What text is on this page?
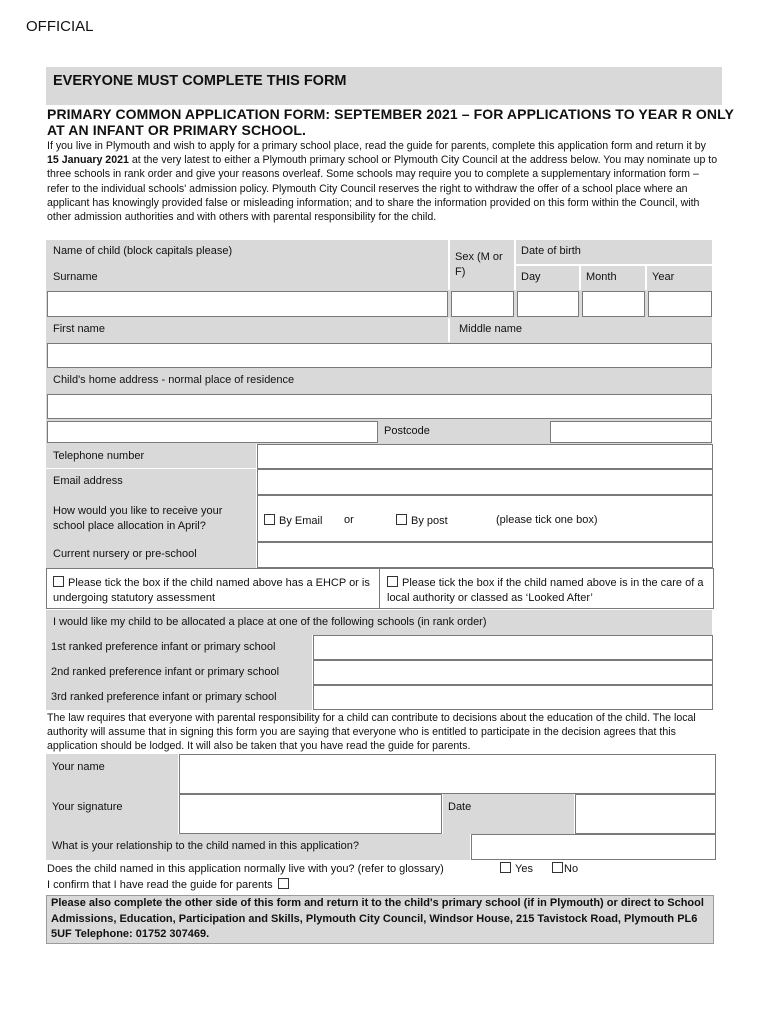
OFFICIAL
EVERYONE MUST COMPLETE THIS FORM
PRIMARY COMMON APPLICATION FORM: SEPTEMBER 2021 – FOR APPLICATIONS TO YEAR R ONLY AT AN INFANT OR PRIMARY SCHOOL.
If you live in Plymouth and wish to apply for a primary school place, read the guide for parents, complete this application form and return it by 15 January 2021 at the very latest to either a Plymouth primary school or Plymouth City Council at the address below. You may nominate up to three schools in rank order and give your reasons overleaf. Some schools may require you to complete a supplementary information form – refer to the individual schools' admission policy. Plymouth City Council reserves the right to withdraw the offer of a school place where an applicant has knowingly provided false or misleading information; and to share the information provided on this form within the Council, with other admission authorities and with others with parental responsibility for the child.
Name of child (block capitals please)	Sex (M or F)
Date of birth
Surname	Day	Month	Year
First name	Middle name
Child's home address - normal place of residence
Postcode
Telephone number
Email address
How would you like to receive your school place allocation in April?	By Email or	By post	(please tick one box)
Current nursery or pre-school
Please tick the box if the child named above has a EHCP or is undergoing statutory assessment
Please tick the box if the child named above is in the care of a local authority or classed as ‘Looked After’
I would like my child to be allocated a place at one of the following schools (in rank order)
1st ranked preference infant or primary school
2nd ranked preference infant or primary school
3rd ranked preference infant or primary school
The law requires that everyone with parental responsibility for a child can contribute to decisions about the education of the child. The local authority will assume that in signing this form you are saying that everyone who is entitled to participate in the decision agrees that this application should be lodged. It will also be taken that you have read the guide for parents.
Your name
Your signature	Date
What is your relationship to the child named in this application?
Does the child named in this application normally live with you? (refer to glossary)	Yes	No
I confirm that I have read the guide for parents
Please also complete the other side of this form and return it to the child's primary school (if in Plymouth) or direct to School Admissions, Education, Participation and Skills, Plymouth City Council, Windsor House, 215 Tavistock Road, Plymouth PL6 5UF Telephone: 01752 307469.
